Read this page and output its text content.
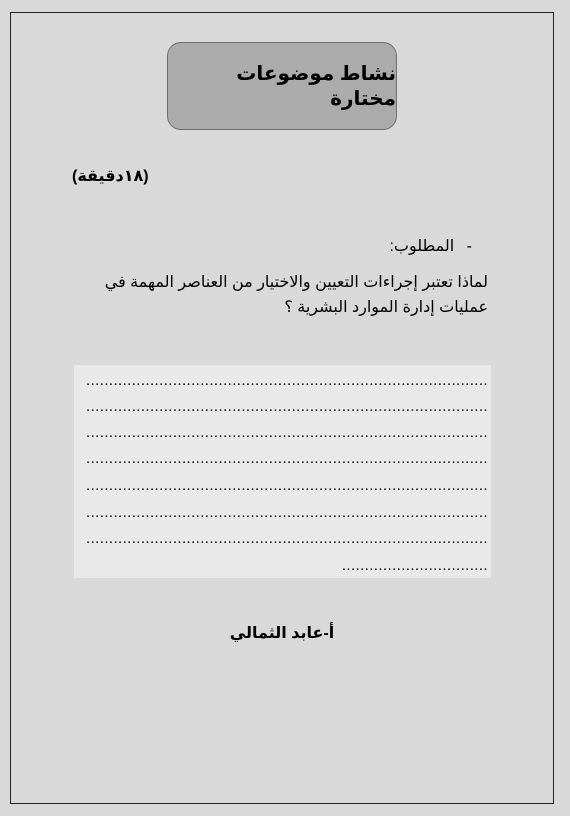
نشاط موضوعات مختارة
(١٨دقيقة)
- المطلوب:
لماذا تعتبر إجراءات التعيين والاختيار من العناصر المهمة في
عمليات إدارة الموارد البشرية ؟
........................................................................................
........................................................................................
........................................................................................
........................................................................................
........................................................................................
........................................................................................
........................................................................................
................................
أ-عابد الثمالي
